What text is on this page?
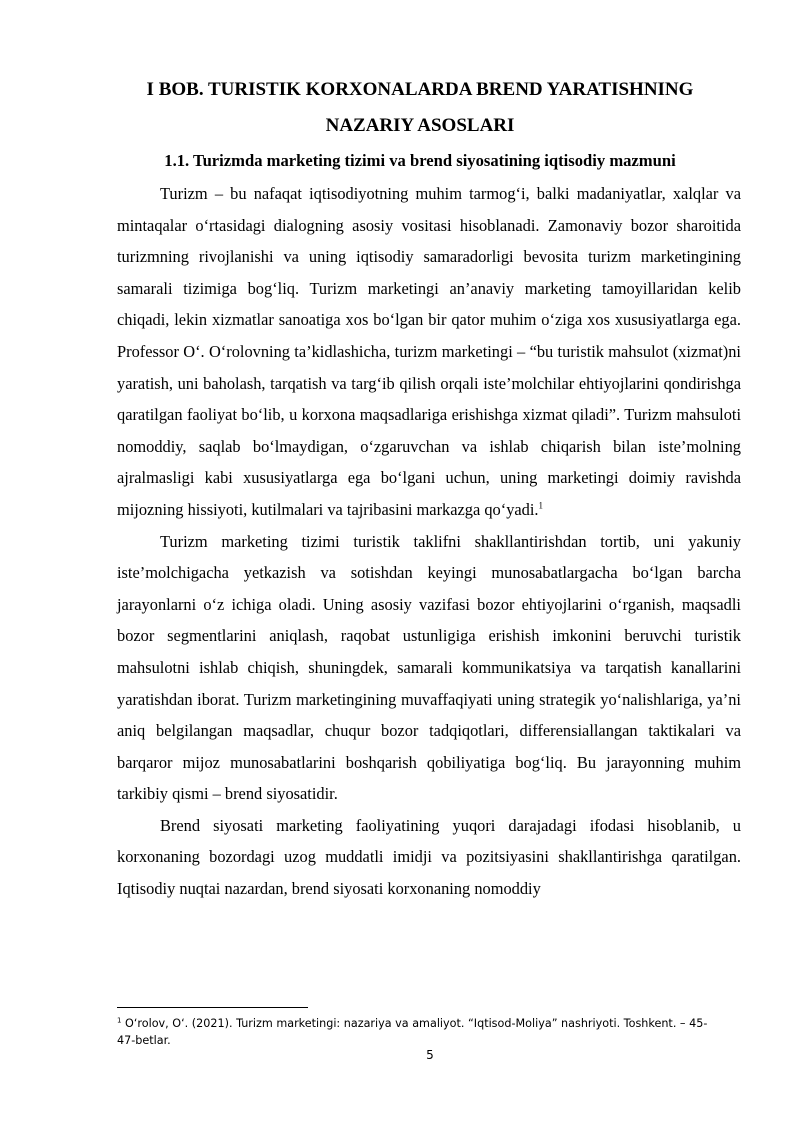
I BOB. TURISTIK KORXONALARDA BREND YARATISHNING NAZARIY ASOSLARI
1.1. Turizmda marketing tizimi va brend siyosatining iqtisodiy mazmuni

Turizm – bu nafaqat iqtisodiyotning muhim tarmog‘i, balki madaniyatlar, xalqlar va mintaqalar o‘rtasidagi dialogning asosiy vositasi hisoblanadi. Zamonaviy bozor sharoitida turizmning rivojlanishi va uning iqtisodiy samaradorligi bevosita turizm marketingining samarali tizimiga bog‘liq. Turizm marketingi an’anaviy marketing tamoyillaridan kelib chiqadi, lekin xizmatlar sanoatiga xos bo‘lgan bir qator muhim o‘ziga xos xususiyatlarga ega. Professor O‘. O‘rolovning ta’kidlashicha, turizm marketingi – “bu turistik mahsulot (xizmat)ni yaratish, uni baholash, tarqatish va targ‘ib qilish orqali iste’molchilar ehtiyojlarini qondirishga qaratilgan faoliyat bo‘lib, u korxona maqsadlariga erishishga xizmat qiladi”. Turizm mahsuloti nomoddiy, saqlab bo‘lmaydigan, o‘zgaruvchan va ishlab chiqarish bilan iste’molning ajralmasligi kabi xususiyatlarga ega bo‘lgani uchun, uning marketingi doimiy ravishda mijozning hissiyoti, kutilmalari va tajribasini markazga qo‘yadi.$^1$

Turizm marketing tizimi turistik taklifni shakllantirishdan tortib, uni yakuniy iste’molchigacha yetkazish va sotishdan keyingi munosabatlargacha bo‘lgan barcha jarayonlarni o‘z ichiga oladi. Uning asosiy vazifasi bozor ehtiyojlarini o‘rganish, maqsadli bozor segmentlarini aniqlash, raqobat ustunligiga erishish imkonini beruvchi turistik mahsulotni ishlab chiqish, shuningdek, samarali kommunikatsiya va tarqatish kanallarini yaratishdan iborat. Turizm marketingining muvaffaqiyati uning strategik yo‘nalishlariga, ya’ni aniq belgilangan maqsadlar, chuqur bozor tadqiqotlari, differensiallangan taktikalari va barqaror mijoz munosabatlarini boshqarish qobiliyatiga bog‘liq. Bu jarayonning muhim tarkibiy qismi – brend siyosatidir.

Brend siyosati marketing faoliyatining yuqori darajadagi ifodasi hisoblanib, u korxonaning bozordagi uzog muddatli imidji va pozitsiyasini shakllantirishga qaratilgan. Iqtisodiy nuqtai nazardan, brend siyosati korxonaning nomoddiy

$^1$ O‘rolov, O‘. (2021). Turizm marketingi: nazariya va amaliyot. “Iqtisod-Moliya” nashriyoti. Toshkent. – 45-47-betlar.
5
